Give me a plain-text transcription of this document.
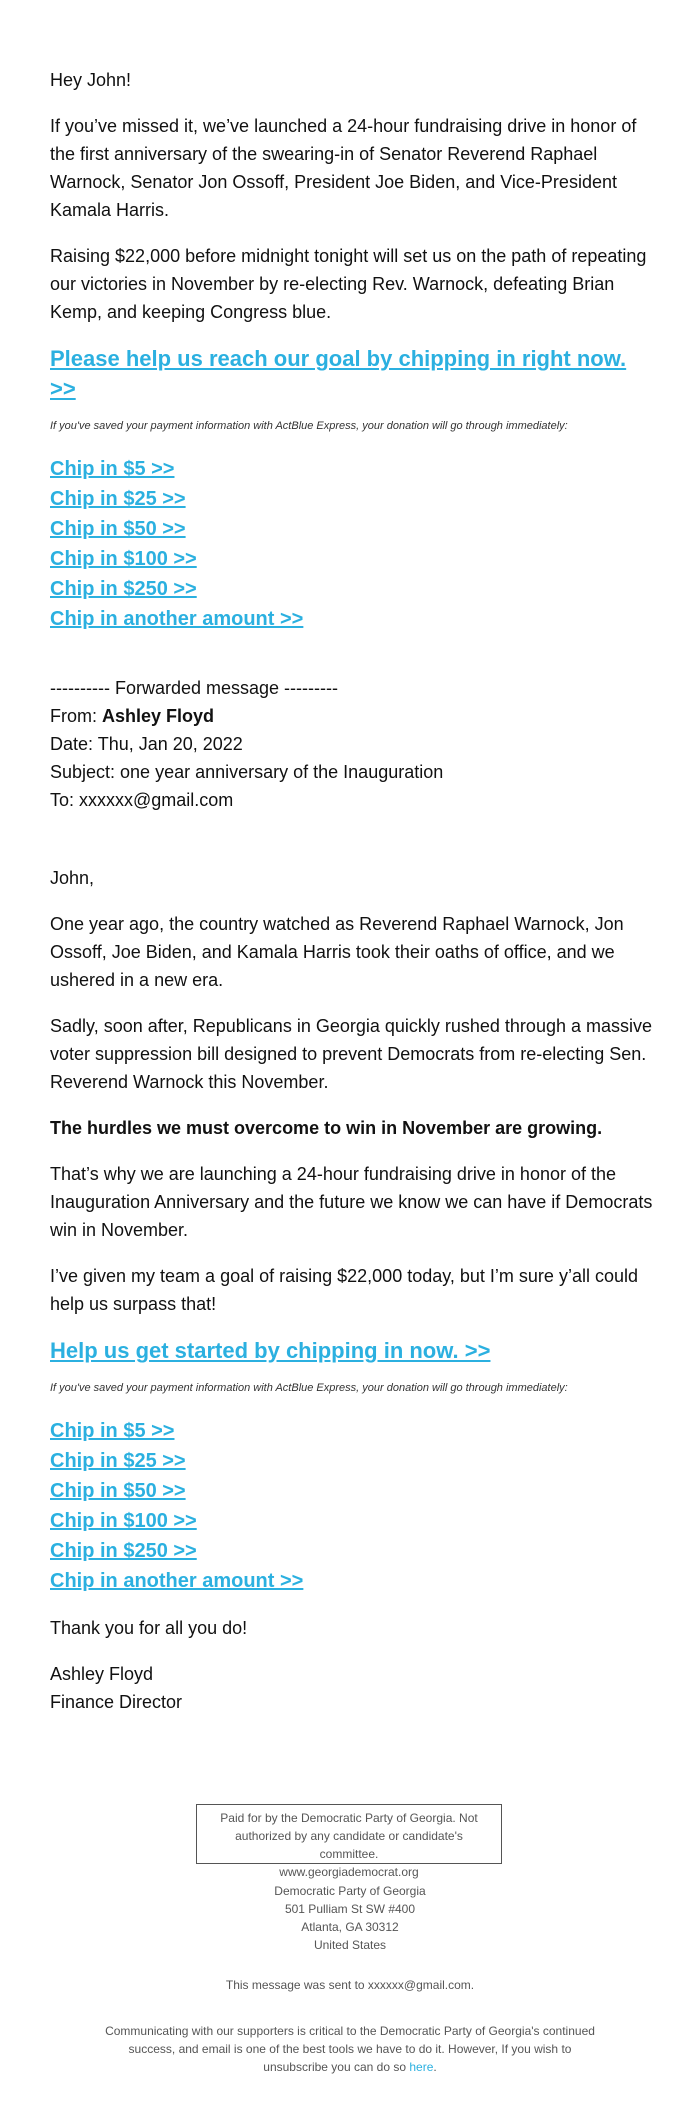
Hey John!

If you’ve missed it, we’ve launched a 24-hour fundraising drive in honor of the first anniversary of the swearing-in of Senator Reverend Raphael Warnock, Senator Jon Ossoff, President Joe Biden, and Vice-President Kamala Harris.

Raising $22,000 before midnight tonight will set us on the path of repeating our victories in November by re-electing Rev. Warnock, defeating Brian Kemp, and keeping Congress blue.

Please help us reach our goal by chipping in right now. >>

If you've saved your payment information with ActBlue Express, your donation will go through immediately:

Chip in $5 >>
Chip in $25 >>
Chip in $50 >>
Chip in $100 >>
Chip in $250 >>
Chip in another amount >>

---------- Forwarded message ---------

From: Ashley Floyd

Date: Thu, Jan 20, 2022

Subject: one year anniversary of the Inauguration

To: xxxxxx@gmail.com

John,

One year ago, the country watched as Reverend Raphael Warnock, Jon Ossoff, Joe Biden, and Kamala Harris took their oaths of office, and we ushered in a new era.

Sadly, soon after, Republicans in Georgia quickly rushed through a massive voter suppression bill designed to prevent Democrats from re-electing Sen. Reverend Warnock this November.

The hurdles we must overcome to win in November are growing.

That’s why we are launching a 24-hour fundraising drive in honor of the Inauguration Anniversary and the future we know we can have if Democrats win in November.

I’ve given my team a goal of raising $22,000 today, but I’m sure y’all could help us surpass that!

Help us get started by chipping in now. >>

If you've saved your payment information with ActBlue Express, your donation will go through immediately:

Chip in $5 >>
Chip in $25 >>
Chip in $50 >>
Chip in $100 >>
Chip in $250 >>
Chip in another amount >>

Thank you for all you do!

Ashley Floyd

Finance Director

Paid for by the Democratic Party of Georgia. Not
authorized by any candidate or candidate's committee.
www.georgiademocrat.org
Democratic Party of Georgia
501 Pulliam St SW #400
Atlanta, GA 30312
United States
This message was sent to xxxxxx@gmail.com.
Communicating with our supporters is critical to the Democratic Party of Georgia's continued
success, and email is one of the best tools we have to do it. However, If you wish to
unsubscribe you can do so here.
